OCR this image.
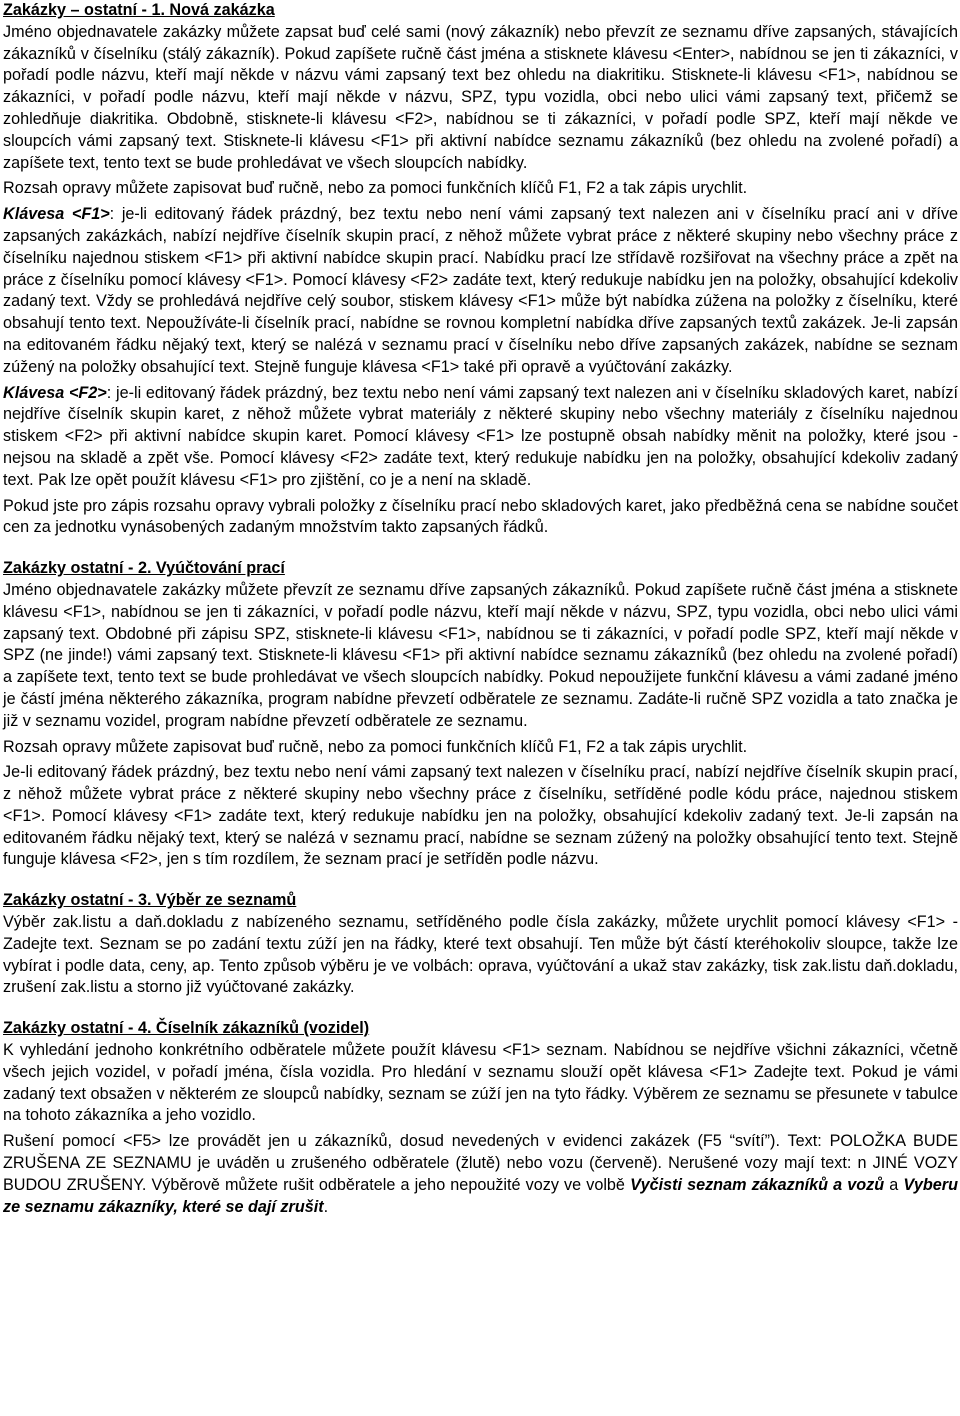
Zakázky – ostatní - 1. Nová zakázka

Jméno objednavatele zakázky můžete zapsat buď celé sami (nový zákazník) nebo převzít ze seznamu dříve zapsaných, stávajících zákazníků v číselníku (stálý zákazník). Pokud zapíšete ručně část jména a stisknete klávesu <Enter>, nabídnou se jen ti zákazníci, v pořadí podle názvu, kteří mají někde v názvu vámi zapsaný text bez ohledu na diakritiku. Stisknete-li klávesu <F1>, nabídnou se zákazníci, v pořadí podle názvu, kteří mají někde v názvu, SPZ, typu vozidla, obci nebo ulici vámi zapsaný text, přičemž se zohledňuje diakritika. Obdobně, stisknete-li klávesu <F2>, nabídnou se ti zákazníci, v pořadí podle SPZ, kteří mají někde ve sloupcích vámi zapsaný text. Stisknete-li klávesu <F1> při aktivní nabídce seznamu zákazníků (bez ohledu na zvolené pořadí) a zapíšete text, tento text se bude prohledávat ve všech sloupcích nabídky.

Rozsah opravy můžete zapisovat buď ručně, nebo za pomoci funkčních klíčů F1, F2 a tak zápis urychlit.

Klávesa <F1>: je-li editovaný řádek prázdný, bez textu nebo není vámi zapsaný text nalezen ani v číselníku prací ani v dříve zapsaných zakázkách, nabízí nejdříve číselník skupin prací, z něhož můžete vybrat práce z některé skupiny nebo všechny práce z číselníku najednou stiskem <F1> při aktivní nabídce skupin prací. Nabídku prací lze střídavě rozšiřovat na všechny práce a zpět na práce z číselníku pomocí klávesy <F1>. Pomocí klávesy <F2> zadáte text, který redukuje nabídku jen na položky, obsahující kdekoliv zadaný text. Vždy se prohledává nejdříve celý soubor, stiskem klávesy <F1> může být nabídka zúžena na položky z číselníku, které obsahují tento text. Nepoužíváte-li číselník prací, nabídne se rovnou kompletní nabídka dříve zapsaných textů zakázek. Je-li zapsán na editovaném řádku nějaký text, který se nalézá v seznamu prací v číselníku nebo dříve zapsaných zakázek, nabídne se seznam zúžený na položky obsahující text. Stejně funguje klávesa <F1> také při opravě a vyúčtování zakázky.

Klávesa <F2>: je-li editovaný řádek prázdný, bez textu nebo není vámi zapsaný text nalezen ani v číselníku skladových karet, nabízí nejdříve číselník skupin karet, z něhož můžete vybrat materiály z některé skupiny nebo všechny materiály z číselníku najednou stiskem <F2> při aktivní nabídce skupin karet. Pomocí klávesy <F1> lze postupně obsah nabídky měnit na položky, které jsou - nejsou na skladě a zpět vše. Pomocí klávesy <F2> zadáte text, který redukuje nabídku jen na položky, obsahující kdekoliv zadaný text. Pak lze opět použít klávesu <F1> pro zjištění, co je a není na skladě.

Pokud jste pro zápis rozsahu opravy vybrali položky z číselníku prací nebo skladových karet, jako předběžná cena se nabídne součet cen za jednotku vynásobených zadaným množstvím takto zapsaných řádků.

Zakázky ostatní - 2. Vyúčtování prací

Jméno objednavatele zakázky můžete převzít ze seznamu dříve zapsaných zákazníků. Pokud zapíšete ručně část jména a stisknete klávesu <F1>, nabídnou se jen ti zákazníci, v pořadí podle názvu, kteří mají někde v názvu, SPZ, typu vozidla, obci nebo ulici vámi zapsaný text. Obdobné při zápisu SPZ, stisknete-li klávesu <F1>, nabídnou se ti zákazníci, v pořadí podle SPZ, kteří mají někde v SPZ (ne jinde!) vámi zapsaný text. Stisknete-li klávesu <F1> při aktivní nabídce seznamu zákazníků (bez ohledu na zvolené pořadí) a zapíšete text, tento text se bude prohledávat ve všech sloupcích nabídky. Pokud nepoužijete funkční klávesu a vámi zadané jméno je částí jména některého zákazníka, program nabídne převzetí odběratele ze seznamu. Zadáte-li ručně SPZ vozidla a tato značka je již v seznamu vozidel, program nabídne převzetí odběratele ze seznamu.

Rozsah opravy můžete zapisovat buď ručně, nebo za pomoci funkčních klíčů F1, F2 a tak zápis urychlit.

Je-li editovaný řádek prázdný, bez textu nebo není vámi zapsaný text nalezen v číselníku prací, nabízí nejdříve číselník skupin prací, z něhož můžete vybrat práce z některé skupiny nebo všechny práce z číselníku, setříděné podle kódu práce, najednou stiskem <F1>. Pomocí klávesy <F1> zadáte text, který redukuje nabídku jen na položky, obsahující kdekoliv zadaný text. Je-li zapsán na editovaném řádku nějaký text, který se nalézá v seznamu prací, nabídne se seznam zúžený na položky obsahující tento text. Stejně funguje klávesa <F2>, jen s tím rozdílem, že seznam prací je setříděn podle názvu.

Zakázky ostatní - 3. Výběr ze seznamů

Výběr zak.listu a daň.dokladu z nabízeného seznamu, setříděného podle čísla zakázky, můžete urychlit pomocí klávesy <F1> - Zadejte text. Seznam se po zadání textu zúží jen na řádky, které text obsahují. Ten může být částí kteréhokoliv sloupce, takže lze vybírat i podle data, ceny, ap. Tento způsob výběru je ve volbách: oprava, vyúčtování a ukaž stav zakázky, tisk zak.listu daň.dokladu, zrušení zak.listu a storno již vyúčtované zakázky.

Zakázky ostatní - 4. Číselník zákazníků (vozidel)

K vyhledání jednoho konkrétního odběratele můžete použít klávesu <F1> seznam. Nabídnou se nejdříve všichni zákazníci, včetně všech jejich vozidel, v pořadí jména, čísla vozidla. Pro hledání v seznamu slouží opět klávesa <F1> Zadejte text. Pokud je vámi zadaný text obsažen v některém ze sloupců nabídky, seznam se zúží jen na tyto řádky. Výběrem ze seznamu se přesunete v tabulce na tohoto zákazníka a jeho vozidlo.

Rušení pomocí <F5> lze provádět jen u zákazníků, dosud nevedených v evidenci zakázek (F5 “svítí”). Text: POLOŽKA BUDE ZRUŠENA ZE SEZNAMU je uváděn u zrušeného odběratele (žlutě) nebo vozu (červeně). Nerušené vozy mají text: n JINÉ VOZY BUDOU ZRUŠENY. Výběrově můžete rušit odběratele a jeho nepoužité vozy ve volbě Vyčisti seznam zákazníků a vozů a Vyberu ze seznamu zákazníky, které se dají zrušit.
